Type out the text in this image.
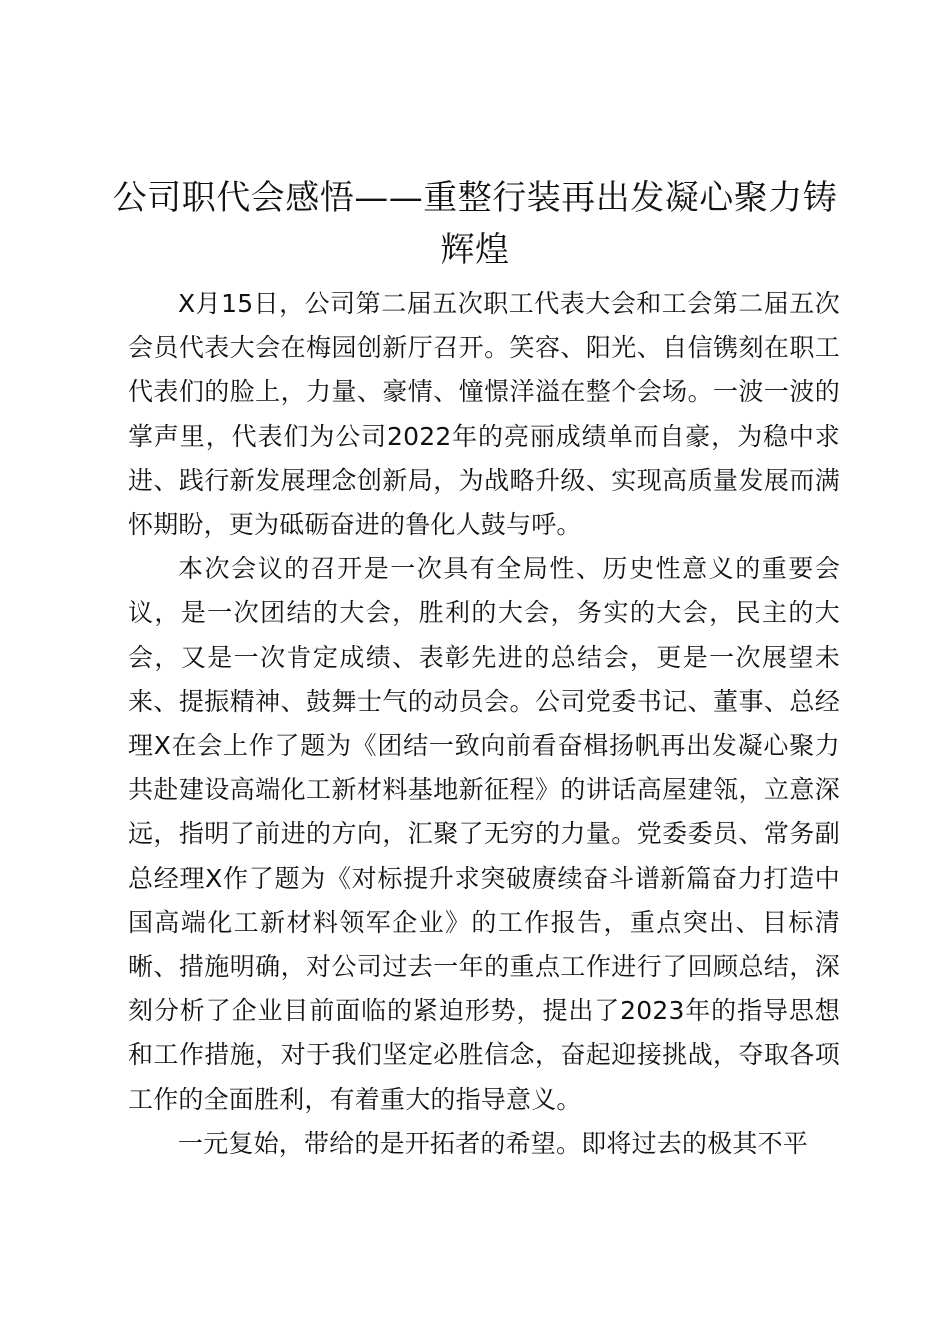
公司职代会感悟——重整行装再出发凝心聚力铸辉煌

X月15日，公司第二届五次职工代表大会和工会第二届五次会员代表大会在梅园创新厅召开。笑容、阳光、自信镌刻在职工代表们的脸上，力量、豪情、憧憬洋溢在整个会场。一波一波的掌声里，代表们为公司2022年的亮丽成绩单而自豪，为稳中求进、践行新发展理念创新局，为战略升级、实现高质量发展而满怀期盼，更为砥砺奋进的鲁化人鼓与呼。

本次会议的召开是一次具有全局性、历史性意义的重要会议，是一次团结的大会，胜利的大会，务实的大会，民主的大会，又是一次肯定成绩、表彰先进的总结会，更是一次展望未来、提振精神、鼓舞士气的动员会。公司党委书记、董事、总经理X在会上作了题为《团结一致向前看奋楫扬帆再出发凝心聚力共赴建设高端化工新材料基地新征程》的讲话高屋建瓴，立意深远，指明了前进的方向，汇聚了无穷的力量。党委委员、常务副总经理X作了题为《对标提升求突破赓续奋斗谱新篇奋力打造中国高端化工新材料领军企业》的工作报告，重点突出、目标清晰、措施明确，对公司过去一年的重点工作进行了回顾总结，深刻分析了企业目前面临的紧迫形势，提出了2023年的指导思想和工作措施，对于我们坚定必胜信念，奋起迎接挑战，夺取各项工作的全面胜利，有着重大的指导意义。

一元复始，带给的是开拓者的希望。即将过去的极其不平
